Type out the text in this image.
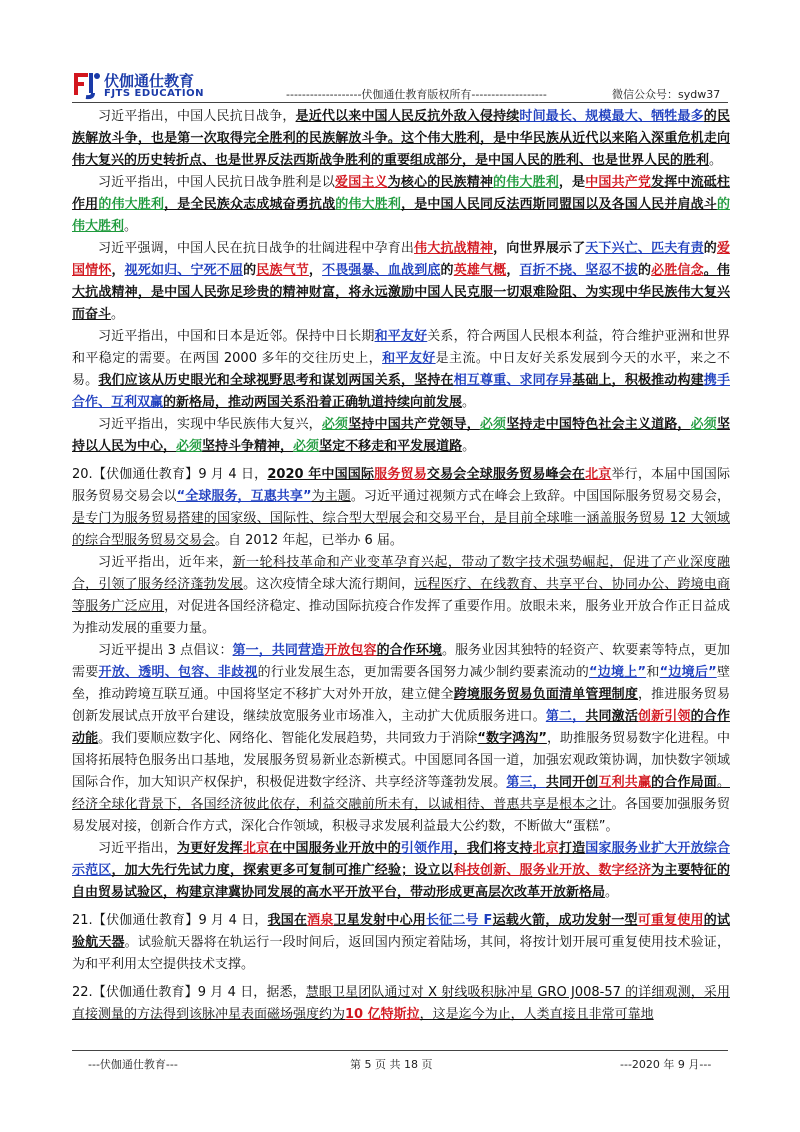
伏伽通仕教育
FJTS EDUCATION	-------------------伏伽通仕教育版权所有-------------------	微信公众号：sydw37

习近平指出，中国人民抗日战争，是近代以来中国人民反抗外敌入侵持续时间最长、规模最大、牺牲最多的民族解放斗争，也是第一次取得完全胜利的民族解放斗争。这个伟大胜利，是中华民族从近代以来陷入深重危机走向伟大复兴的历史转折点、也是世界反法西斯战争胜利的重要组成部分，是中国人民的胜利、也是世界人民的胜利。

习近平指出，中国人民抗日战争胜利是以爱国主义为核心的民族精神的伟大胜利，是中国共产党发挥中流砥柱作用的伟大胜利，是全民族众志成城奋勇抗战的伟大胜利，是中国人民同反法西斯同盟国以及各国人民并肩战斗的伟大胜利。

习近平强调，中国人民在抗日战争的壮阔进程中孕育出伟大抗战精神，向世界展示了天下兴亡、匹夫有责的爱国情怀，视死如归、宁死不屈的民族气节，不畏强暴、血战到底的英雄气概，百折不挠、坚忍不拔的必胜信念。伟大抗战精神，是中国人民弥足珍贵的精神财富，将永远激励中国人民克服一切艰难险阻、为实现中华民族伟大复兴而奋斗。

习近平指出，中国和日本是近邻。保持中日长期和平友好关系，符合两国人民根本利益，符合维护亚洲和世界和平稳定的需要。在两国 2000 多年的交往历史上，和平友好是主流。中日友好关系发展到今天的水平，来之不易。我们应该从历史眼光和全球视野思考和谋划两国关系，坚持在相互尊重、求同存异基础上，积极推动构建携手合作、互利双赢的新格局，推动两国关系沿着正确轨道持续向前发展。

习近平指出，实现中华民族伟大复兴，必须坚持中国共产党领导，必须坚持走中国特色社会主义道路，必须坚持以人民为中心，必须坚持斗争精神，必须坚定不移走和平发展道路。

20.【伏伽通仕教育】9 月 4 日，2020 年中国国际服务贸易交易会全球服务贸易峰会在北京举行，本届中国国际服务贸易交易会以“全球服务，互惠共享”为主题。习近平通过视频方式在峰会上致辞。中国国际服务贸易交易会，是专门为服务贸易搭建的国家级、国际性、综合型大型展会和交易平台，是目前全球唯一涵盖服务贸易 12 大领域的综合型服务贸易交易会。自 2012 年起，已举办 6 届。

习近平指出，近年来，新一轮科技革命和产业变革孕育兴起，带动了数字技术强势崛起，促进了产业深度融合，引领了服务经济蓬勃发展。这次疫情全球大流行期间，远程医疗、在线教育、共享平台、协同办公、跨境电商等服务广泛应用，对促进各国经济稳定、推动国际抗疫合作发挥了重要作用。放眼未来，服务业开放合作正日益成为推动发展的重要力量。

习近平提出 3 点倡议：第一，共同营造开放包容的合作环境。服务业因其独特的轻资产、软要素等特点，更加需要开放、透明、包容、非歧视的行业发展生态，更加需要各国努力减少制约要素流动的“边境上”和“边境后”壁垒，推动跨境互联互通。中国将坚定不移扩大对外开放，建立健全跨境服务贸易负面清单管理制度，推进服务贸易创新发展试点开放平台建设，继续放宽服务业市场准入，主动扩大优质服务进口。第二，共同激活创新引领的合作动能。我们要顺应数字化、网络化、智能化发展趋势，共同致力于消除“数字鸿沟”，助推服务贸易数字化进程。中国将拓展特色服务出口基地，发展服务贸易新业态新模式。中国愿同各国一道，加强宏观政策协调，加快数字领域国际合作，加大知识产权保护，积极促进数字经济、共享经济等蓬勃发展。第三，共同开创互利共赢的合作局面。经济全球化背景下，各国经济彼此依存，利益交融前所未有，以诚相待、普惠共享是根本之计。各国要加强服务贸易发展对接，创新合作方式，深化合作领域，积极寻求发展利益最大公约数，不断做大“蛋糕”。

习近平指出，为更好发挥北京在中国服务业开放中的引领作用，我们将支持北京打造国家服务业扩大开放综合示范区，加大先行先试力度，探索更多可复制可推广经验；设立以科技创新、服务业开放、数字经济为主要特征的自由贸易试验区，构建京津冀协同发展的高水平开放平台，带动形成更高层次改革开放新格局。

21.【伏伽通仕教育】9 月 4 日，我国在酒泉卫星发射中心用长征二号 F运载火箭，成功发射一型可重复使用的试验航天器。试验航天器将在轨运行一段时间后，返回国内预定着陆场，其间，将按计划开展可重复使用技术验证，为和平利用太空提供技术支撑。

22.【伏伽通仕教育】9 月 4 日，据悉，慧眼卫星团队通过对 X 射线吸积脉冲星 GRO J008-57 的详细观测，采用直接测量的方法得到该脉冲星表面磁场强度约为10 亿特斯拉，这是迄今为止，人类直接且非常可靠地

---伏伽通仕教育---	第 5 页 共 18 页	---2020 年 9 月---
